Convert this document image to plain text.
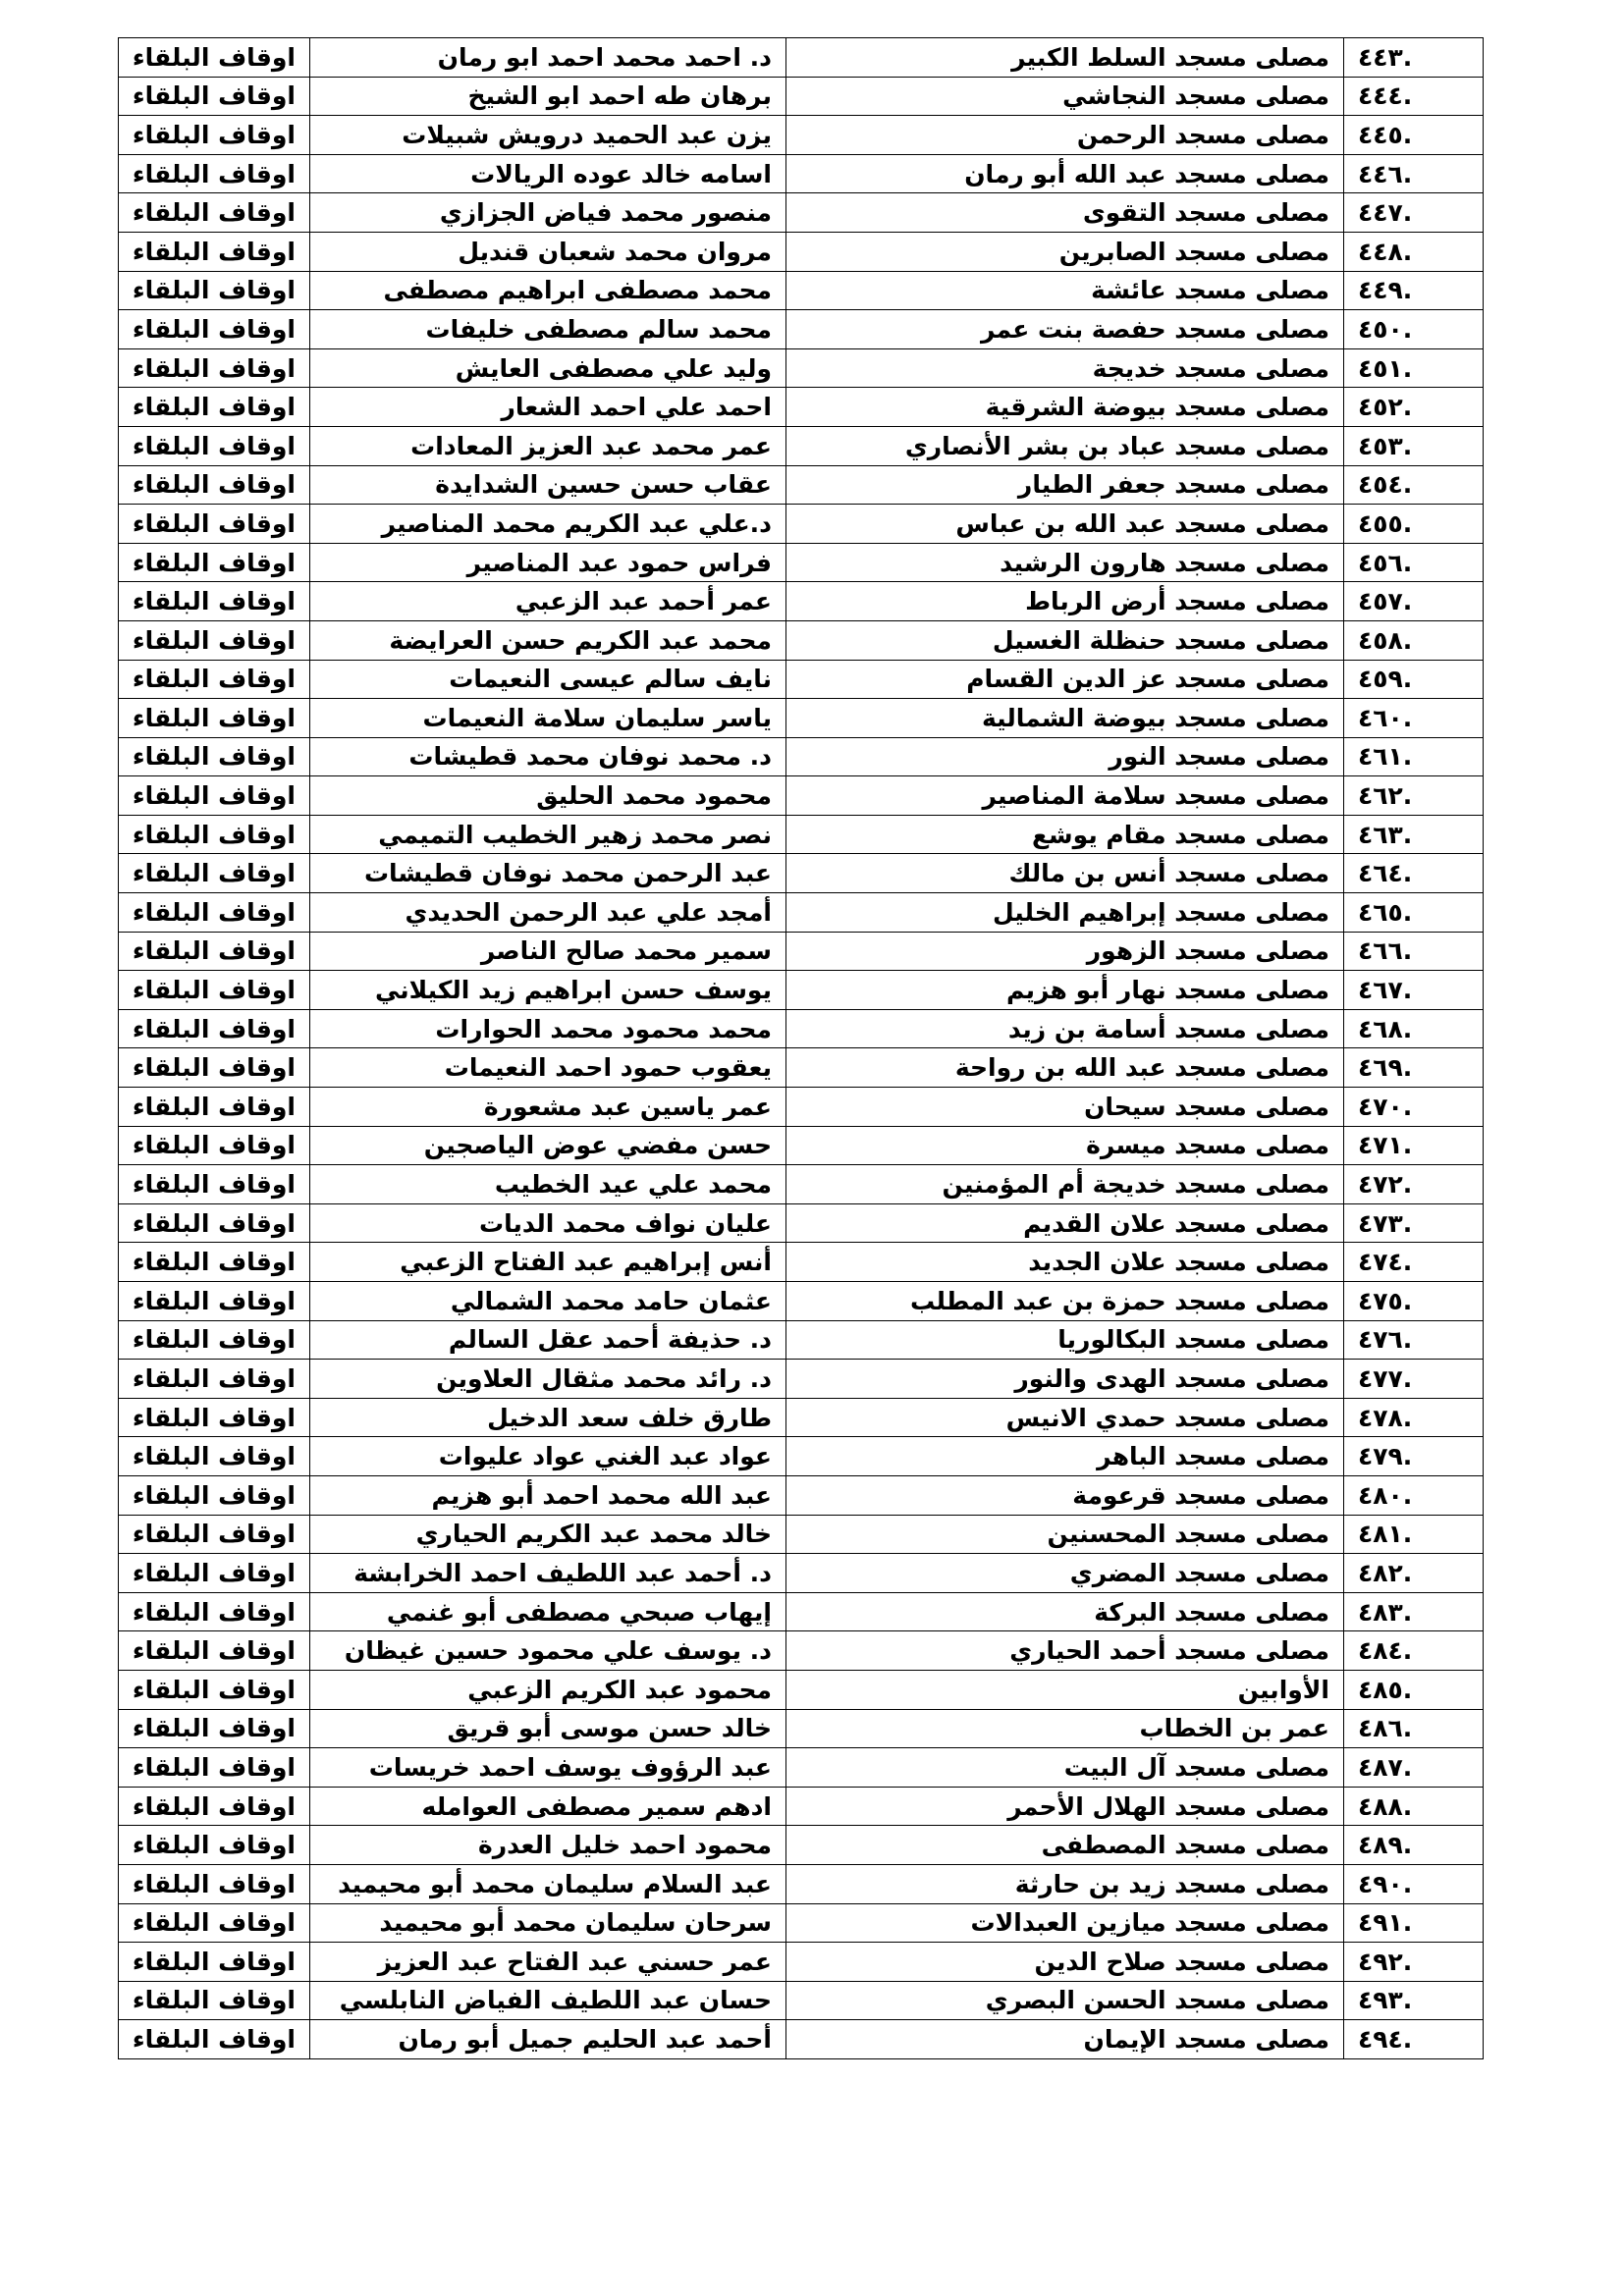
٤٤٣.	مصلى مسجد السلط الكبير	د. احمد محمد احمد ابو رمان	اوقاف البلقاء
٤٤٤.	مصلى مسجد النجاشي	برهان طه احمد ابو الشيخ	اوقاف البلقاء
٤٤٥.	مصلى مسجد الرحمن	يزن عبد الحميد درويش شبيلات	اوقاف البلقاء
٤٤٦.	مصلى مسجد عبد الله أبو رمان	اسامه خالد عوده الريالات	اوقاف البلقاء
٤٤٧.	مصلى مسجد التقوى	منصور محمد فياض الجزازي	اوقاف البلقاء
٤٤٨.	مصلى مسجد الصابرين	مروان محمد شعبان قنديل	اوقاف البلقاء
٤٤٩.	مصلى مسجد عائشة	محمد مصطفى ابراهيم مصطفى	اوقاف البلقاء
٤٥٠.	مصلى مسجد حفصة بنت عمر	محمد سالم مصطفى خليفات	اوقاف البلقاء
٤٥١.	مصلى مسجد خديجة	وليد علي مصطفى العايش	اوقاف البلقاء
٤٥٢.	مصلى مسجد بيوضة الشرقية	احمد علي احمد الشعار	اوقاف البلقاء
٤٥٣.	مصلى مسجد عباد بن بشر الأنصاري	عمر محمد عبد العزيز المعادات	اوقاف البلقاء
٤٥٤.	مصلى مسجد جعفر الطيار	عقاب حسن حسين الشدايدة	اوقاف البلقاء
٤٥٥.	مصلى مسجد عبد الله بن عباس	د.علي عبد الكريم محمد المناصير	اوقاف البلقاء
٤٥٦.	مصلى مسجد هارون الرشيد	فراس حمود عبد المناصير	اوقاف البلقاء
٤٥٧.	مصلى مسجد أرض الرباط	عمر أحمد عبد الزعبي	اوقاف البلقاء
٤٥٨.	مصلى مسجد حنظلة الغسيل	محمد عبد الكريم حسن العرايضة	اوقاف البلقاء
٤٥٩.	مصلى مسجد عز الدين القسام	نايف سالم عيسى النعيمات	اوقاف البلقاء
٤٦٠.	مصلى مسجد بيوضة الشمالية	ياسر سليمان سلامة النعيمات	اوقاف البلقاء
٤٦١.	مصلى مسجد النور	د. محمد نوفان محمد قطيشات	اوقاف البلقاء
٤٦٢.	مصلى مسجد سلامة المناصير	محمود محمد الحليق	اوقاف البلقاء
٤٦٣.	مصلى مسجد مقام يوشع	نصر محمد زهير الخطيب التميمي	اوقاف البلقاء
٤٦٤.	مصلى مسجد أنس بن مالك	عبد الرحمن محمد نوفان قطيشات	اوقاف البلقاء
٤٦٥.	مصلى مسجد إبراهيم الخليل	أمجد علي عبد الرحمن الحديدي	اوقاف البلقاء
٤٦٦.	مصلى مسجد الزهور	سمير محمد صالح الناصر	اوقاف البلقاء
٤٦٧.	مصلى مسجد نهار أبو هزيم	يوسف حسن ابراهيم زيد الكيلاني	اوقاف البلقاء
٤٦٨.	مصلى مسجد أسامة بن زيد	محمد محمود محمد الحوارات	اوقاف البلقاء
٤٦٩.	مصلى مسجد عبد الله بن رواحة	يعقوب حمود احمد النعيمات	اوقاف البلقاء
٤٧٠.	مصلى مسجد سيحان	عمر ياسين عبد مشعورة	اوقاف البلقاء
٤٧١.	مصلى مسجد ميسرة	حسن مفضي عوض الياصجين	اوقاف البلقاء
٤٧٢.	مصلى مسجد خديجة أم المؤمنين	محمد علي عيد الخطيب	اوقاف البلقاء
٤٧٣.	مصلى مسجد علان القديم	عليان نواف محمد الديات	اوقاف البلقاء
٤٧٤.	مصلى مسجد علان الجديد	أنس إبراهيم عبد الفتاح الزعبي	اوقاف البلقاء
٤٧٥.	مصلى مسجد حمزة بن عبد المطلب	عثمان حامد محمد الشمالي	اوقاف البلقاء
٤٧٦.	مصلى مسجد البكالوريا	د. حذيفة أحمد عقل السالم	اوقاف البلقاء
٤٧٧.	مصلى مسجد الهدى والنور	د. رائد محمد مثقال العلاوين	اوقاف البلقاء
٤٧٨.	مصلى مسجد حمدي الانيس	طارق خلف سعد الدخيل	اوقاف البلقاء
٤٧٩.	مصلى مسجد الباهر	عواد عبد الغني عواد عليوات	اوقاف البلقاء
٤٨٠.	مصلى مسجد قرعومة	عبد الله محمد احمد أبو هزيم	اوقاف البلقاء
٤٨١.	مصلى مسجد المحسنين	خالد محمد عبد الكريم الحياري	اوقاف البلقاء
٤٨٢.	مصلى مسجد المضري	د. أحمد عبد اللطيف احمد الخرابشة	اوقاف البلقاء
٤٨٣.	مصلى مسجد البركة	إيهاب صبحي مصطفى أبو غنمي	اوقاف البلقاء
٤٨٤.	مصلى مسجد أحمد الحياري	د. يوسف علي محمود حسين غيظان	اوقاف البلقاء
٤٨٥.	الأوابين	محمود عبد الكريم الزعبي	اوقاف البلقاء
٤٨٦.	عمر بن الخطاب	خالد حسن موسى أبو قريق	اوقاف البلقاء
٤٨٧.	مصلى مسجد آل البيت	عبد الرؤوف يوسف احمد خريسات	اوقاف البلقاء
٤٨٨.	مصلى مسجد الهلال الأحمر	ادهم سمير مصطفى العوامله	اوقاف البلقاء
٤٨٩.	مصلى مسجد المصطفى	محمود احمد خليل العدرة	اوقاف البلقاء
٤٩٠.	مصلى مسجد زيد بن حارثة	عبد السلام سليمان محمد أبو محيميد	اوقاف البلقاء
٤٩١.	مصلى مسجد ميازين العبدالات	سرحان سليمان محمد أبو محيميد	اوقاف البلقاء
٤٩٢.	مصلى مسجد صلاح الدين	عمر حسني عبد الفتاح عبد العزيز	اوقاف البلقاء
٤٩٣.	مصلى مسجد الحسن البصري	حسان عبد اللطيف الفياض النابلسي	اوقاف البلقاء
٤٩٤.	مصلى مسجد الإيمان	أحمد عبد الحليم جميل أبو رمان	اوقاف البلقاء
